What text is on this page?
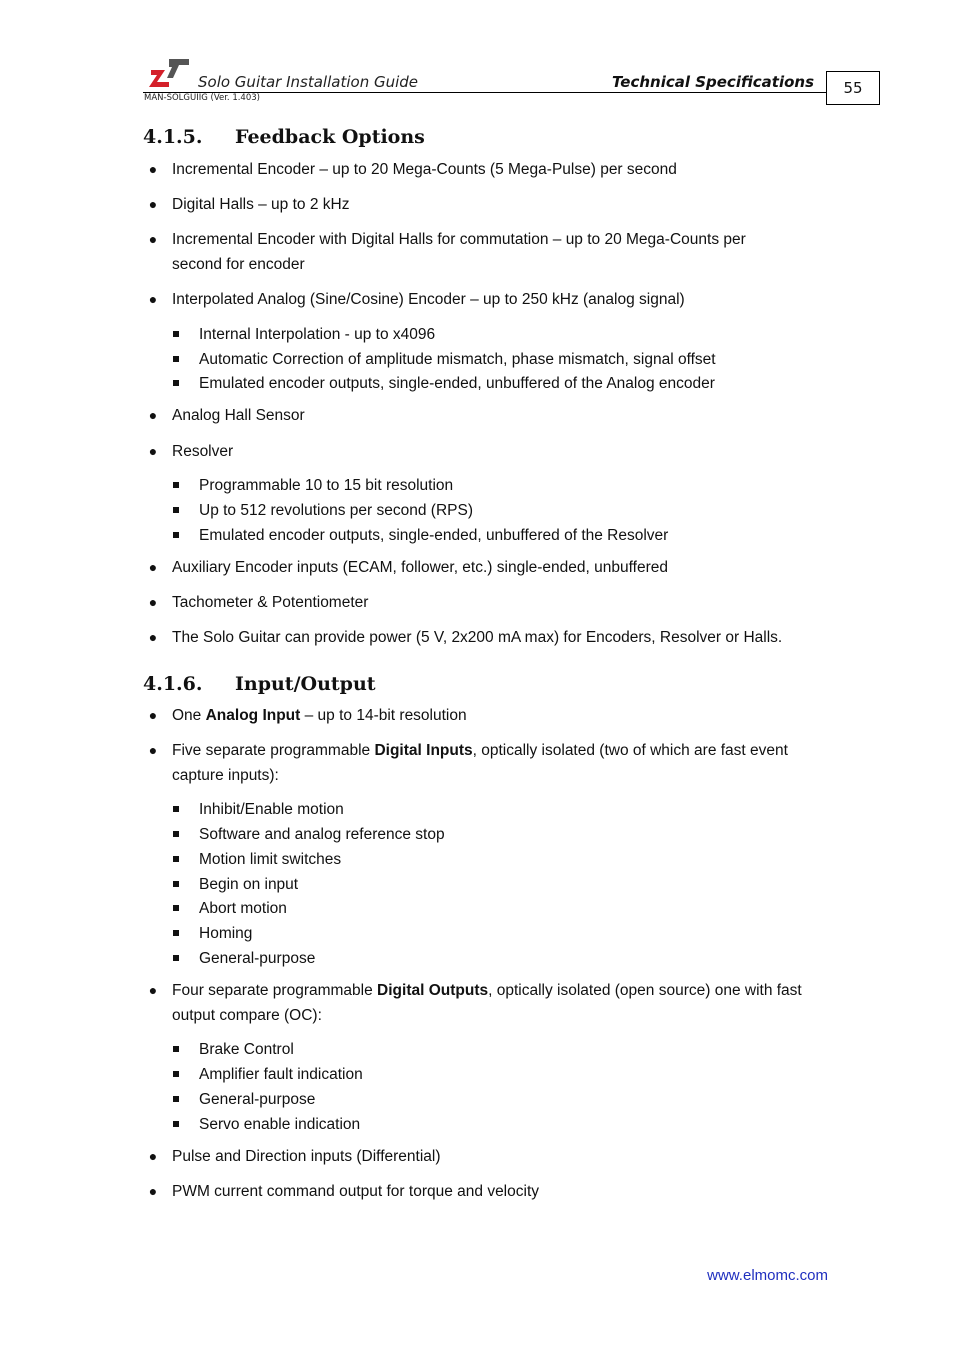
Solo Guitar Installation Guide	Technical Specifications
MAN-SOLGUIIG (Ver. 1.403)
55
4.1.5. Feedback Options
● Incremental Encoder – up to 20 Mega-Counts (5 Mega-Pulse) per second
● Digital Halls – up to 2 kHz
● Incremental Encoder with Digital Halls for commutation – up to 20 Mega-Counts per second for encoder
● Interpolated Analog (Sine/Cosine) Encoder – up to 250 kHz (analog signal)
Internal Interpolation - up to x4096
Automatic Correction of amplitude mismatch, phase mismatch, signal offset
Emulated encoder outputs, single-ended, unbuffered of the Analog encoder
● Analog Hall Sensor
● Resolver
Programmable 10 to 15 bit resolution
Up to 512 revolutions per second (RPS)
Emulated encoder outputs, single-ended, unbuffered of the Resolver
● Auxiliary Encoder inputs (ECAM, follower, etc.) single-ended, unbuffered
● Tachometer & Potentiometer
● The Solo Guitar can provide power (5 V, 2x200 mA max) for Encoders, Resolver or Halls.
4.1.6. Input/Output
● One Analog Input – up to 14-bit resolution
● Five separate programmable Digital Inputs, optically isolated (two of which are fast event capture inputs):
Inhibit/Enable motion
Software and analog reference stop
Motion limit switches
Begin on input
Abort motion
Homing
General-purpose
● Four separate programmable Digital Outputs, optically isolated (open source) one with fast output compare (OC):
Brake Control
Amplifier fault indication
General-purpose
Servo enable indication
● Pulse and Direction inputs (Differential)
● PWM current command output for torque and velocity
www.elmomc.com
